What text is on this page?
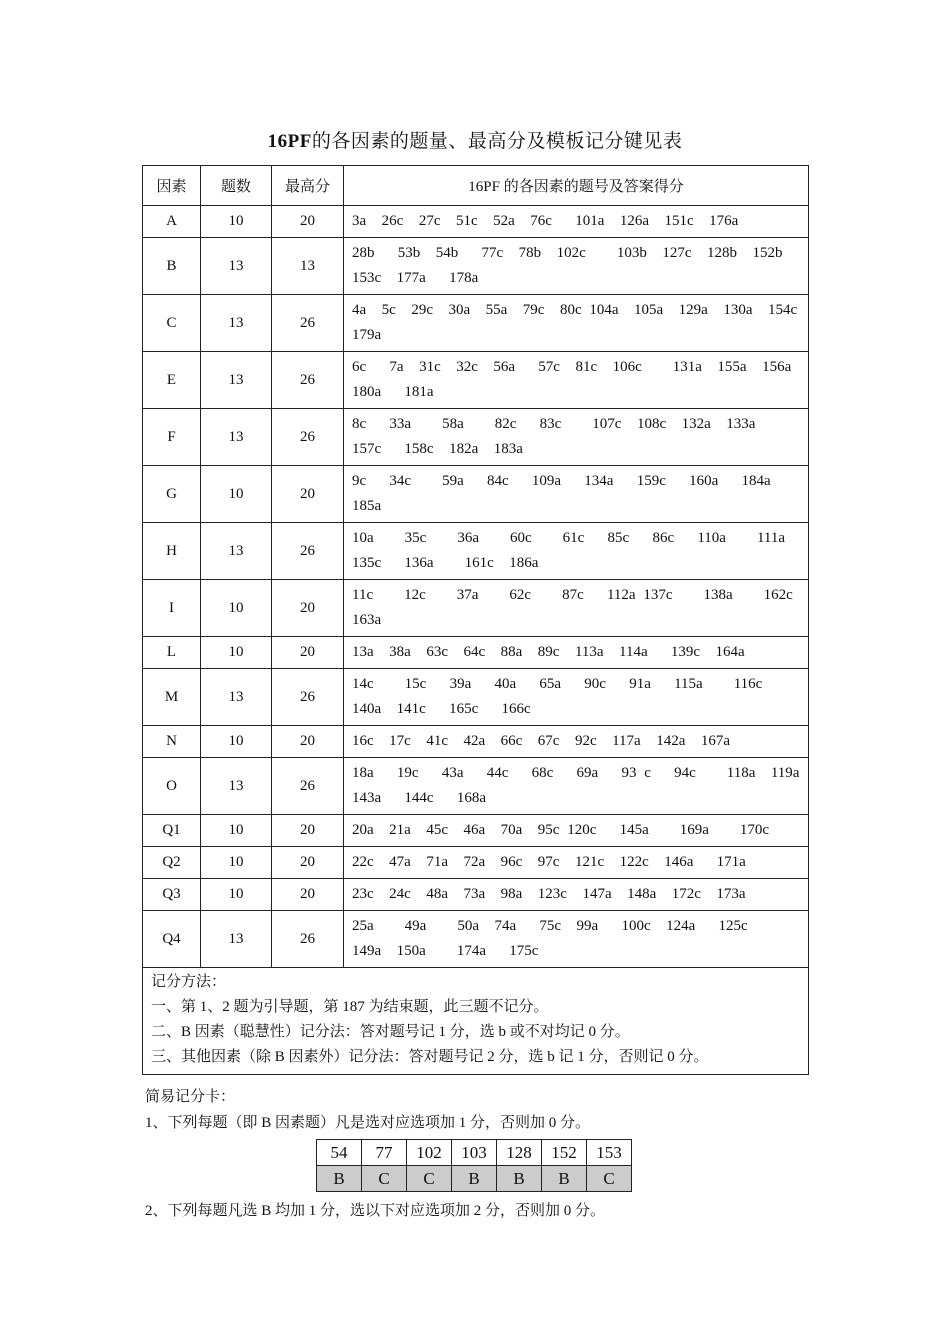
16PF的各因素的题量、最高分及模板记分键见表
因素	题数	最高分	16PF 的各因素的题号及答案得分
A	10	20	3a  26c  27c  51c  52a  76c   101a  126a  151c  176a
B	13	13	28b   53b  54b   77c  78b  102c    103b  127c  128b  152b  153c  177a   178a
C	13	26	4a  5c  29c  30a  55a  79c  80c 104a  105a  129a  130a  154c   179a
E	13	26	6c   7a  31c  32c  56a   57c  81c  106c    131a  155a  156a  180a   181a
F	13	26	8c   33a    58a    82c   83c    107c  108c  132a  133a  157c   158c  182a  183a
G	10	20	9c   34c    59a   84c   109a   134a   159c   160a   184a  185a
H	13	26	10a    35c    36a    60c    61c   85c   86c   110a    111a  135c   136a    161c  186a
I	10	20	11c    12c    37a    62c    87c   112a 137c    138a    162c  163a
L	10	20	13a  38a  63c  64c  88a  89c  113a  114a   139c  164a
M	13	26	14c    15c   39a   40a   65a   90c   91a   115a    116c  140a  141c   165c   166c
N	10	20	16c  17c  41c  42a  66c  67c  92c  117a  142a  167a
O	13	26	18a   19c   43a   44c   68c   69a   93 c   94c    118a  119a  143a   144c   168a
Q1	10	20	20a  21a  45c  46a  70a  95c 120c   145a    169a    170c
Q2	10	20	22c  47a  71a  72a  96c  97c  121c  122c  146a   171a
Q3	10	20	23c  24c  48a  73a  98a  123c  147a  148a  172c  173a
Q4	13	26	25a    49a    50a  74a   75c  99a   100c  124a   125c   149a  150a    174a   175c

记分方法：
一、第 1、2 题为引导题，第 187 为结束题，此三题不记分。
二、B 因素（聪慧性）记分法：答对题号记 1 分，选 b 或不对均记 0 分。
三、其他因素（除 B 因素外）记分法：答对题号记 2 分，选 b 记 1 分，否则记 0 分。			
简易记分卡：
1、下列每题（即 B 因素题）凡是选对应选项加 1 分，否则加 0 分。
54	77	102	103	128	152	153
B	C	C	B	B	B	C
2、下列每题凡选 B 均加 1 分，选以下对应选项加 2 分，否则加 0 分。
